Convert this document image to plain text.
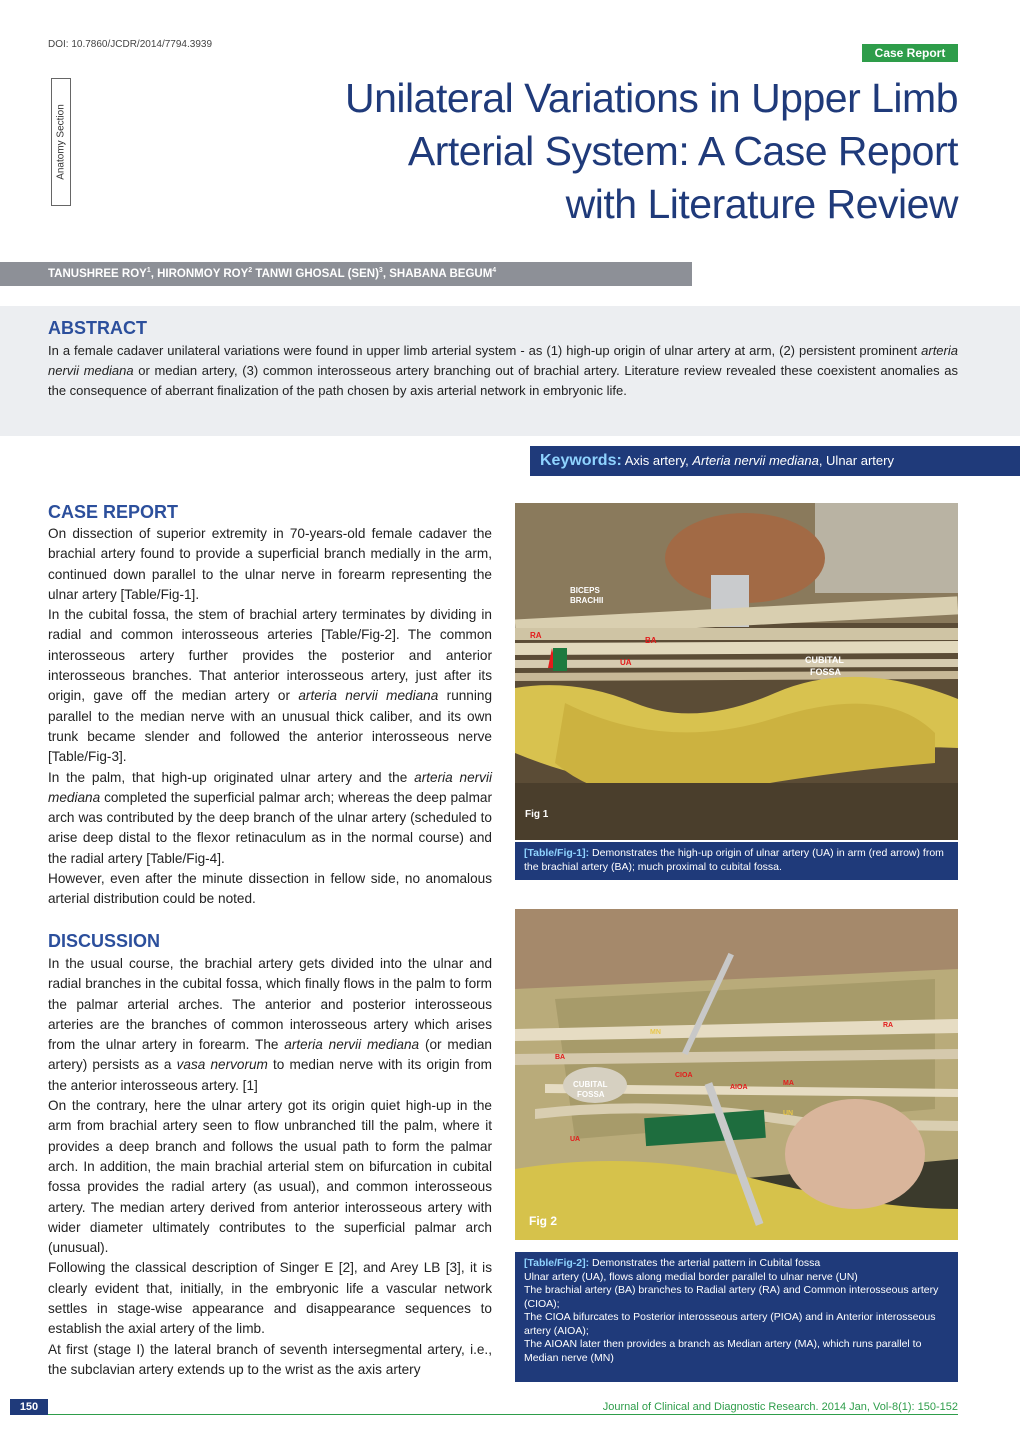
DOI: 10.7860/JCDR/2014/7794.3939
Case Report
Anatomy Section
Unilateral Variations in Upper Limb
Arterial System: A Case Report
with Literature Review
TANUSHREE ROY$^1$, HIRONMOY ROY$^2$ TANWI GHOSAL (SEN)$^3$, SHABANA BEGUM$^4$
ABSTRACT

In a female cadaver unilateral variations were found in upper limb arterial system - as (1) high-up origin of ulnar artery at arm, (2) persistent prominent arteria nervii mediana or median artery, (3) common interosseous artery branching out of brachial artery. Literature review revealed these coexistent anomalies as the consequence of aberrant finalization of the path chosen by axis arterial network in embryonic life.

Keywords: Axis artery, Arteria nervii mediana, Ulnar artery
CASE REPORT

On dissection of superior extremity in 70-years-old female cadaver the brachial artery found to provide a superficial branch medially in the arm, continued down parallel to the ulnar nerve in forearm representing the ulnar artery [Table/Fig-1].

In the cubital fossa, the stem of brachial artery terminates by dividing in radial and common interosseous arteries [Table/Fig-2]. The common interosseous artery further provides the posterior and anterior interosseous branches. That anterior interosseous artery, just after its origin, gave off the median artery or arteria nervii mediana running parallel to the median nerve with an unusual thick caliber, and its own trunk became slender and followed the anterior interosseous nerve [Table/Fig-3].

In the palm, that high-up originated ulnar artery and the arteria nervii mediana completed the superficial palmar arch; whereas the deep palmar arch was contributed by the deep branch of the ulnar artery (scheduled to arise deep distal to the flexor retinaculum as in the normal course) and the radial artery [Table/Fig-4].

However, even after the minute dissection in fellow side, no anomalous arterial distribution could be noted.

DISCUSSION

In the usual course, the brachial artery gets divided into the ulnar and radial branches in the cubital fossa, which finally flows in the palm to form the palmar arterial arches. The anterior and posterior interosseous arteries are the branches of common interosseous artery which arises from the ulnar artery in forearm. The arteria nervii mediana (or median artery) persists as a vasa nervorum to median nerve with its origin from the anterior interosseous artery. [1]

On the contrary, here the ulnar artery got its origin quiet high-up in the arm from brachial artery seen to flow unbranched till the palm, where it provides a deep branch and follows the usual path to form the palmar arch. In addition, the main brachial arterial stem on bifurcation in cubital fossa provides the radial artery (as usual), and common interosseous artery. The median artery derived from anterior interosseous artery with wider diameter ultimately contributes to the superficial palmar arch (unusual).

Following the classical description of Singer E [2], and Arey LB [3], it is clearly evident that, initially, in the embryonic life a vascular network settles in stage-wise appearance and disappearance sequences to establish the axial artery of the limb.

At first (stage I) the lateral branch of seventh intersegmental artery, i.e., the subclavian artery extends up to the wrist as the axis artery

BICEPS
BRACHII
RA
BA
UA	CUBITAL
FOSSA
Fig 1
[Table/Fig-1]: Demonstrates the high-up origin of ulnar artery (UA) in arm (red arrow) from the brachial artery (BA); much proximal to cubital fossa.
MN
RA
BA
CIOA
AIOA
MA
CUBITAL
FOSSA
UN
UA
Fig 2
[Table/Fig-2]: Demonstrates the arterial pattern in Cubital fossa
Ulnar artery (UA), flows along medial border parallel to ulnar nerve (UN)
The brachial artery (BA) branches to Radial artery (RA) and Common interosseous artery (CIOA);
The CIOA bifurcates to Posterior interosseous artery (PIOA) and in Anterior interosseous artery (AIOA);
The AIOAN later then provides a branch as Median artery (MA), which runs parallel to Median nerve (MN)
150	Journal of Clinical and Diagnostic Research. 2014 Jan, Vol-8(1): 150-152
